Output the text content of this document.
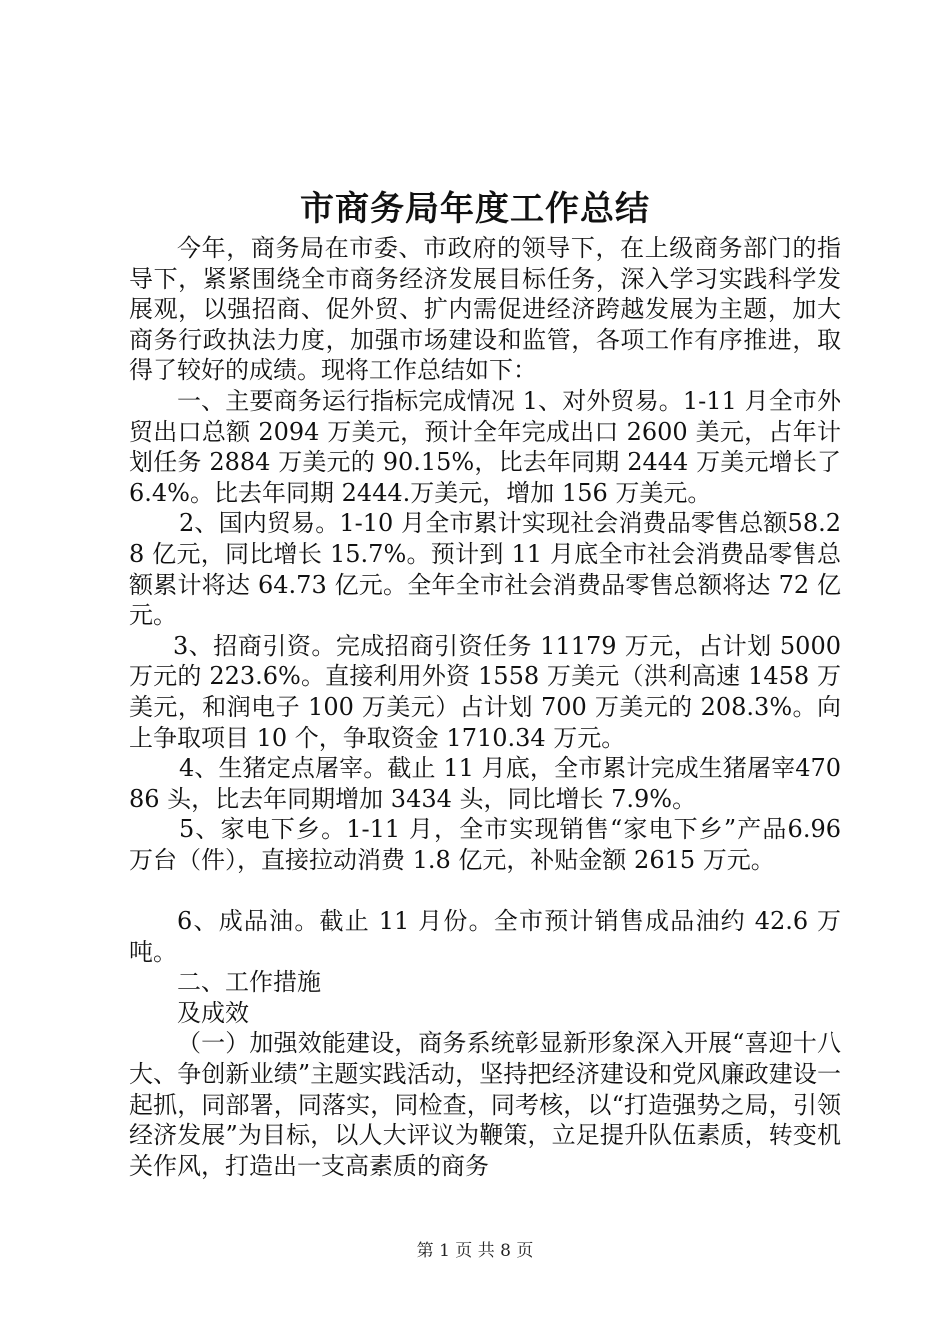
市商务局年度工作总结

今年，商务局在市委、市政府的领导下，在上级商务部门的指导下，紧紧围绕全市商务经济发展目标任务，深入学习实践科学发展观，以强招商、促外贸、扩内需促进经济跨越发展为主题，加大商务行政执法力度，加强市场建设和监管，各项工作有序推进，取得了较好的成绩。现将工作总结如下：

一、主要商务运行指标完成情况 1、对外贸易。1-11 月全市外贸出口总额 2094 万美元，预计全年完成出口 2600 美元，占年计划任务 2884 万美元的 90.15%，比去年同期 2444 万美元增长了 6.4%。比去年同期 2444.万美元，增加 156 万美元。

2、国内贸易。1-10 月全市累计实现社会消费品零售总额58.28 亿元，同比增长 15.7%。预计到 11 月底全市社会消费品零售总额累计将达 64.73 亿元。全年全市社会消费品零售总额将达 72 亿元。

3、招商引资。完成招商引资任务 11179 万元，占计划 5000万元的 223.6%。直接利用外资 1558 万美元（洪利高速 1458 万美元，和润电子 100 万美元）占计划 700 万美元的 208.3%。向上争取项目 10 个，争取资金 1710.34 万元。

4、生猪定点屠宰。截止 11 月底，全市累计完成生猪屠宰47086 头，比去年同期增加 3434 头，同比增长 7.9%。

5、家电下乡。1-11 月，全市实现销售“家电下乡”产品6.96 万台（件），直接拉动消费 1.8 亿元，补贴金额 2615 万元。

6、成品油。截止 11 月份。全市预计销售成品油约 42.6 万吨。

二、工作措施

及成效

（一）加强效能建设，商务系统彰显新形象深入开展“喜迎十八大、争创新业绩”主题实践活动，坚持把经济建设和党风廉政建设一起抓，同部署，同落实，同检查，同考核，以“打造强势之局，引领经济发展”为目标，以人大评议为鞭策，立足提升队伍素质，转变机关作风，打造出一支高素质的商务

第 1 页 共 8 页
